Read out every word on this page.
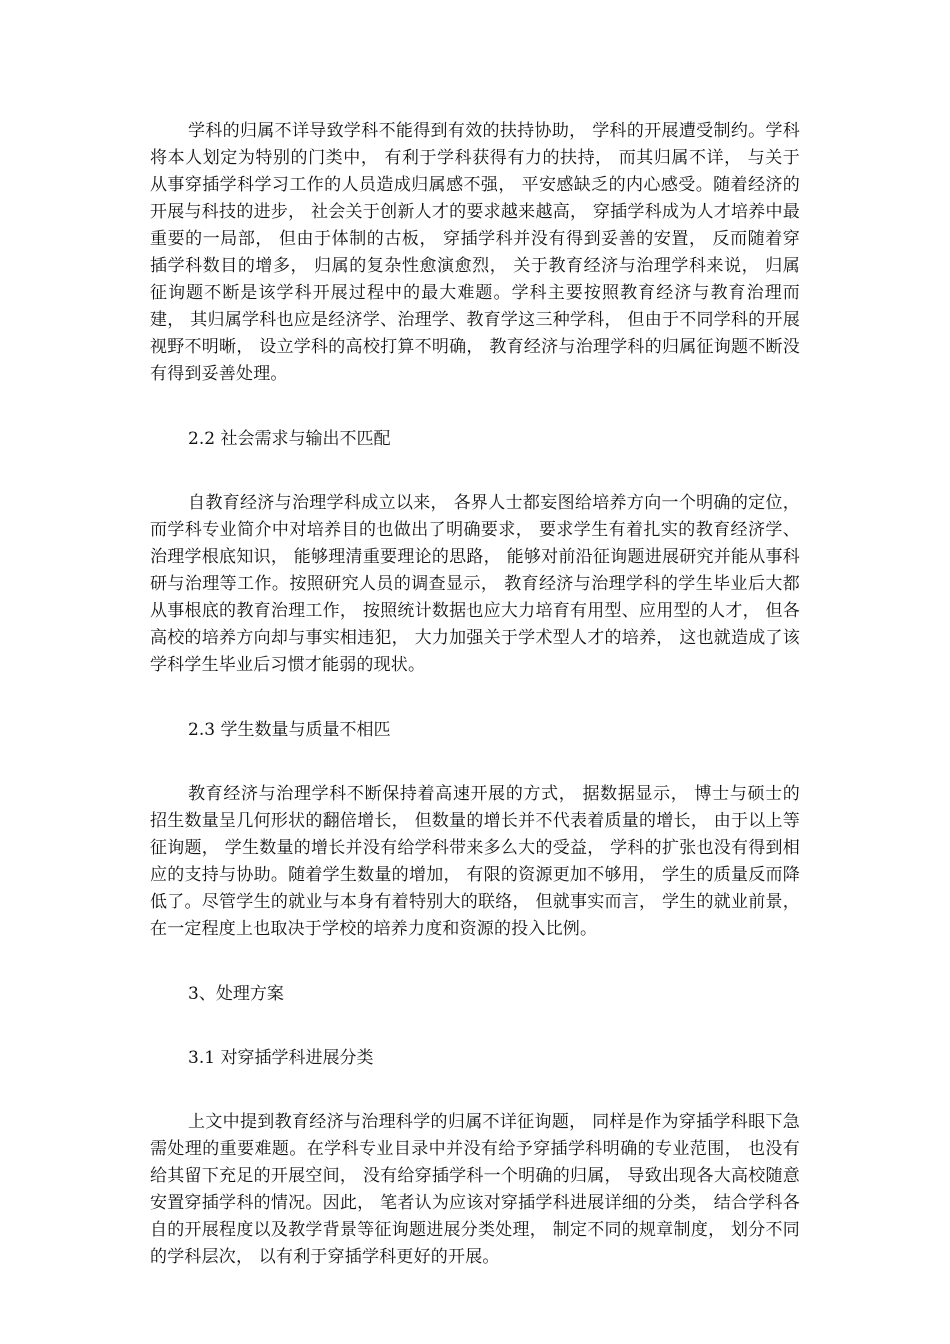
学科的归属不详导致学科不能得到有效的扶持协助， 学科的开展遭受制约。学科将本人划定为特别的门类中， 有利于学科获得有力的扶持， 而其归属不详， 与关于从事穿插学科学习工作的人员造成归属感不强， 平安感缺乏的内心感受。随着经济的开展与科技的进步， 社会关于创新人才的要求越来越高， 穿插学科成为人才培养中最重要的一局部， 但由于体制的古板， 穿插学科并没有得到妥善的安置， 反而随着穿插学科数目的增多， 归属的复杂性愈演愈烈， 关于教育经济与治理学科来说， 归属征询题不断是该学科开展过程中的最大难题。学科主要按照教育经济与教育治理而建， 其归属学科也应是经济学、治理学、教育学这三种学科， 但由于不同学科的开展视野不明晰， 设立学科的高校打算不明确， 教育经济与治理学科的归属征询题不断没有得到妥善处理。

2.2 社会需求与输出不匹配

自教育经济与治理学科成立以来， 各界人士都妄图给培养方向一个明确的定位， 而学科专业简介中对培养目的也做出了明确要求， 要求学生有着扎实的教育经济学、治理学根底知识， 能够理清重要理论的思路， 能够对前沿征询题进展研究并能从事科研与治理等工作。按照研究人员的调查显示， 教育经济与治理学科的学生毕业后大都从事根底的教育治理工作， 按照统计数据也应大力培育有用型、应用型的人才， 但各高校的培养方向却与事实相违犯， 大力加强关于学术型人才的培养， 这也就造成了该学科学生毕业后习惯才能弱的现状。

2.3 学生数量与质量不相匹

教育经济与治理学科不断保持着高速开展的方式， 据数据显示， 博士与硕士的招生数量呈几何形状的翻倍增长， 但数量的增长并不代表着质量的增长， 由于以上等征询题， 学生数量的增长并没有给学科带来多么大的受益， 学科的扩张也没有得到相应的支持与协助。随着学生数量的增加， 有限的资源更加不够用， 学生的质量反而降低了。尽管学生的就业与本身有着特别大的联络， 但就事实而言， 学生的就业前景， 在一定程度上也取决于学校的培养力度和资源的投入比例。

3、处理方案

3.1 对穿插学科进展分类

上文中提到教育经济与治理科学的归属不详征询题， 同样是作为穿插学科眼下急需处理的重要难题。在学科专业目录中并没有给予穿插学科明确的专业范围， 也没有给其留下充足的开展空间， 没有给穿插学科一个明确的归属， 导致出现各大高校随意安置穿插学科的情况。因此， 笔者认为应该对穿插学科进展详细的分类， 结合学科各自的开展程度以及教学背景等征询题进展分类处理， 制定不同的规章制度， 划分不同的学科层次， 以有利于穿插学科更好的开展。
